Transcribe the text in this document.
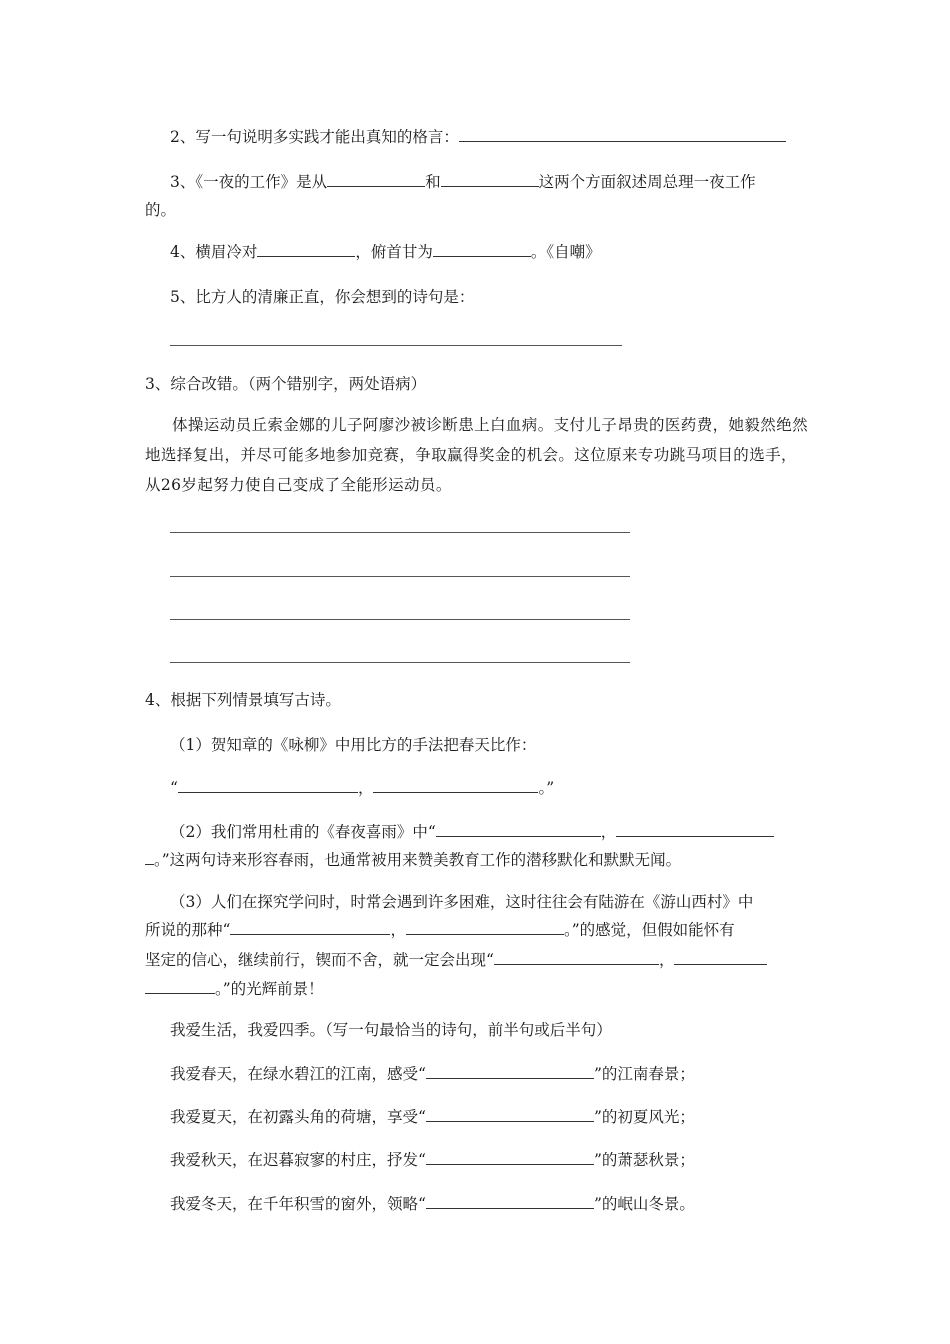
2、写一句说明多实践才能出真知的格言：
3、《一夜的工作》是从	和	这两个方面叙述周总理一夜工作
的。
4、横眉冷对	，俯首甘为	。《自嘲》
5、比方人的清廉正直，你会想到的诗句是：
3、综合改错。（两个错别字，两处语病）
体操运动员丘索金娜的儿子阿廖沙被诊断患上白血病。支付儿子昂贵的医药费，她毅然绝然地选择复出，并尽可能多地参加竞赛，争取赢得奖金的机会。这位原来专功跳马项目的选手，从26岁起努力使自己变成了全能形运动员。
4、根据下列情景填写古诗。
（1）贺知章的《咏柳》中用比方的手法把春天比作：
“	，	。”
（2）我们常用杜甫的《春夜喜雨》中“	，
。”这两句诗来形容春雨，也通常被用来赞美教育工作的潜移默化和默默无闻。
（3）人们在探究学问时，时常会遇到许多困难，这时往往会有陆游在《游山西村》中
所说的那种“	，	。”的感觉，但假如能怀有
坚定的信心，继续前行，锲而不舍，就一定会出现“	，
。”的光辉前景！
我爱生活，我爱四季。（写一句最恰当的诗句，前半句或后半句）
我爱春天，在绿水碧江的江南，感受“	”的江南春景；
我爱夏天，在初露头角的荷塘，享受“	”的初夏风光；
我爱秋天，在迟暮寂寥的村庄，抒发“	”的萧瑟秋景；
我爱冬天，在千年积雪的窗外，领略“	”的岷山冬景。
